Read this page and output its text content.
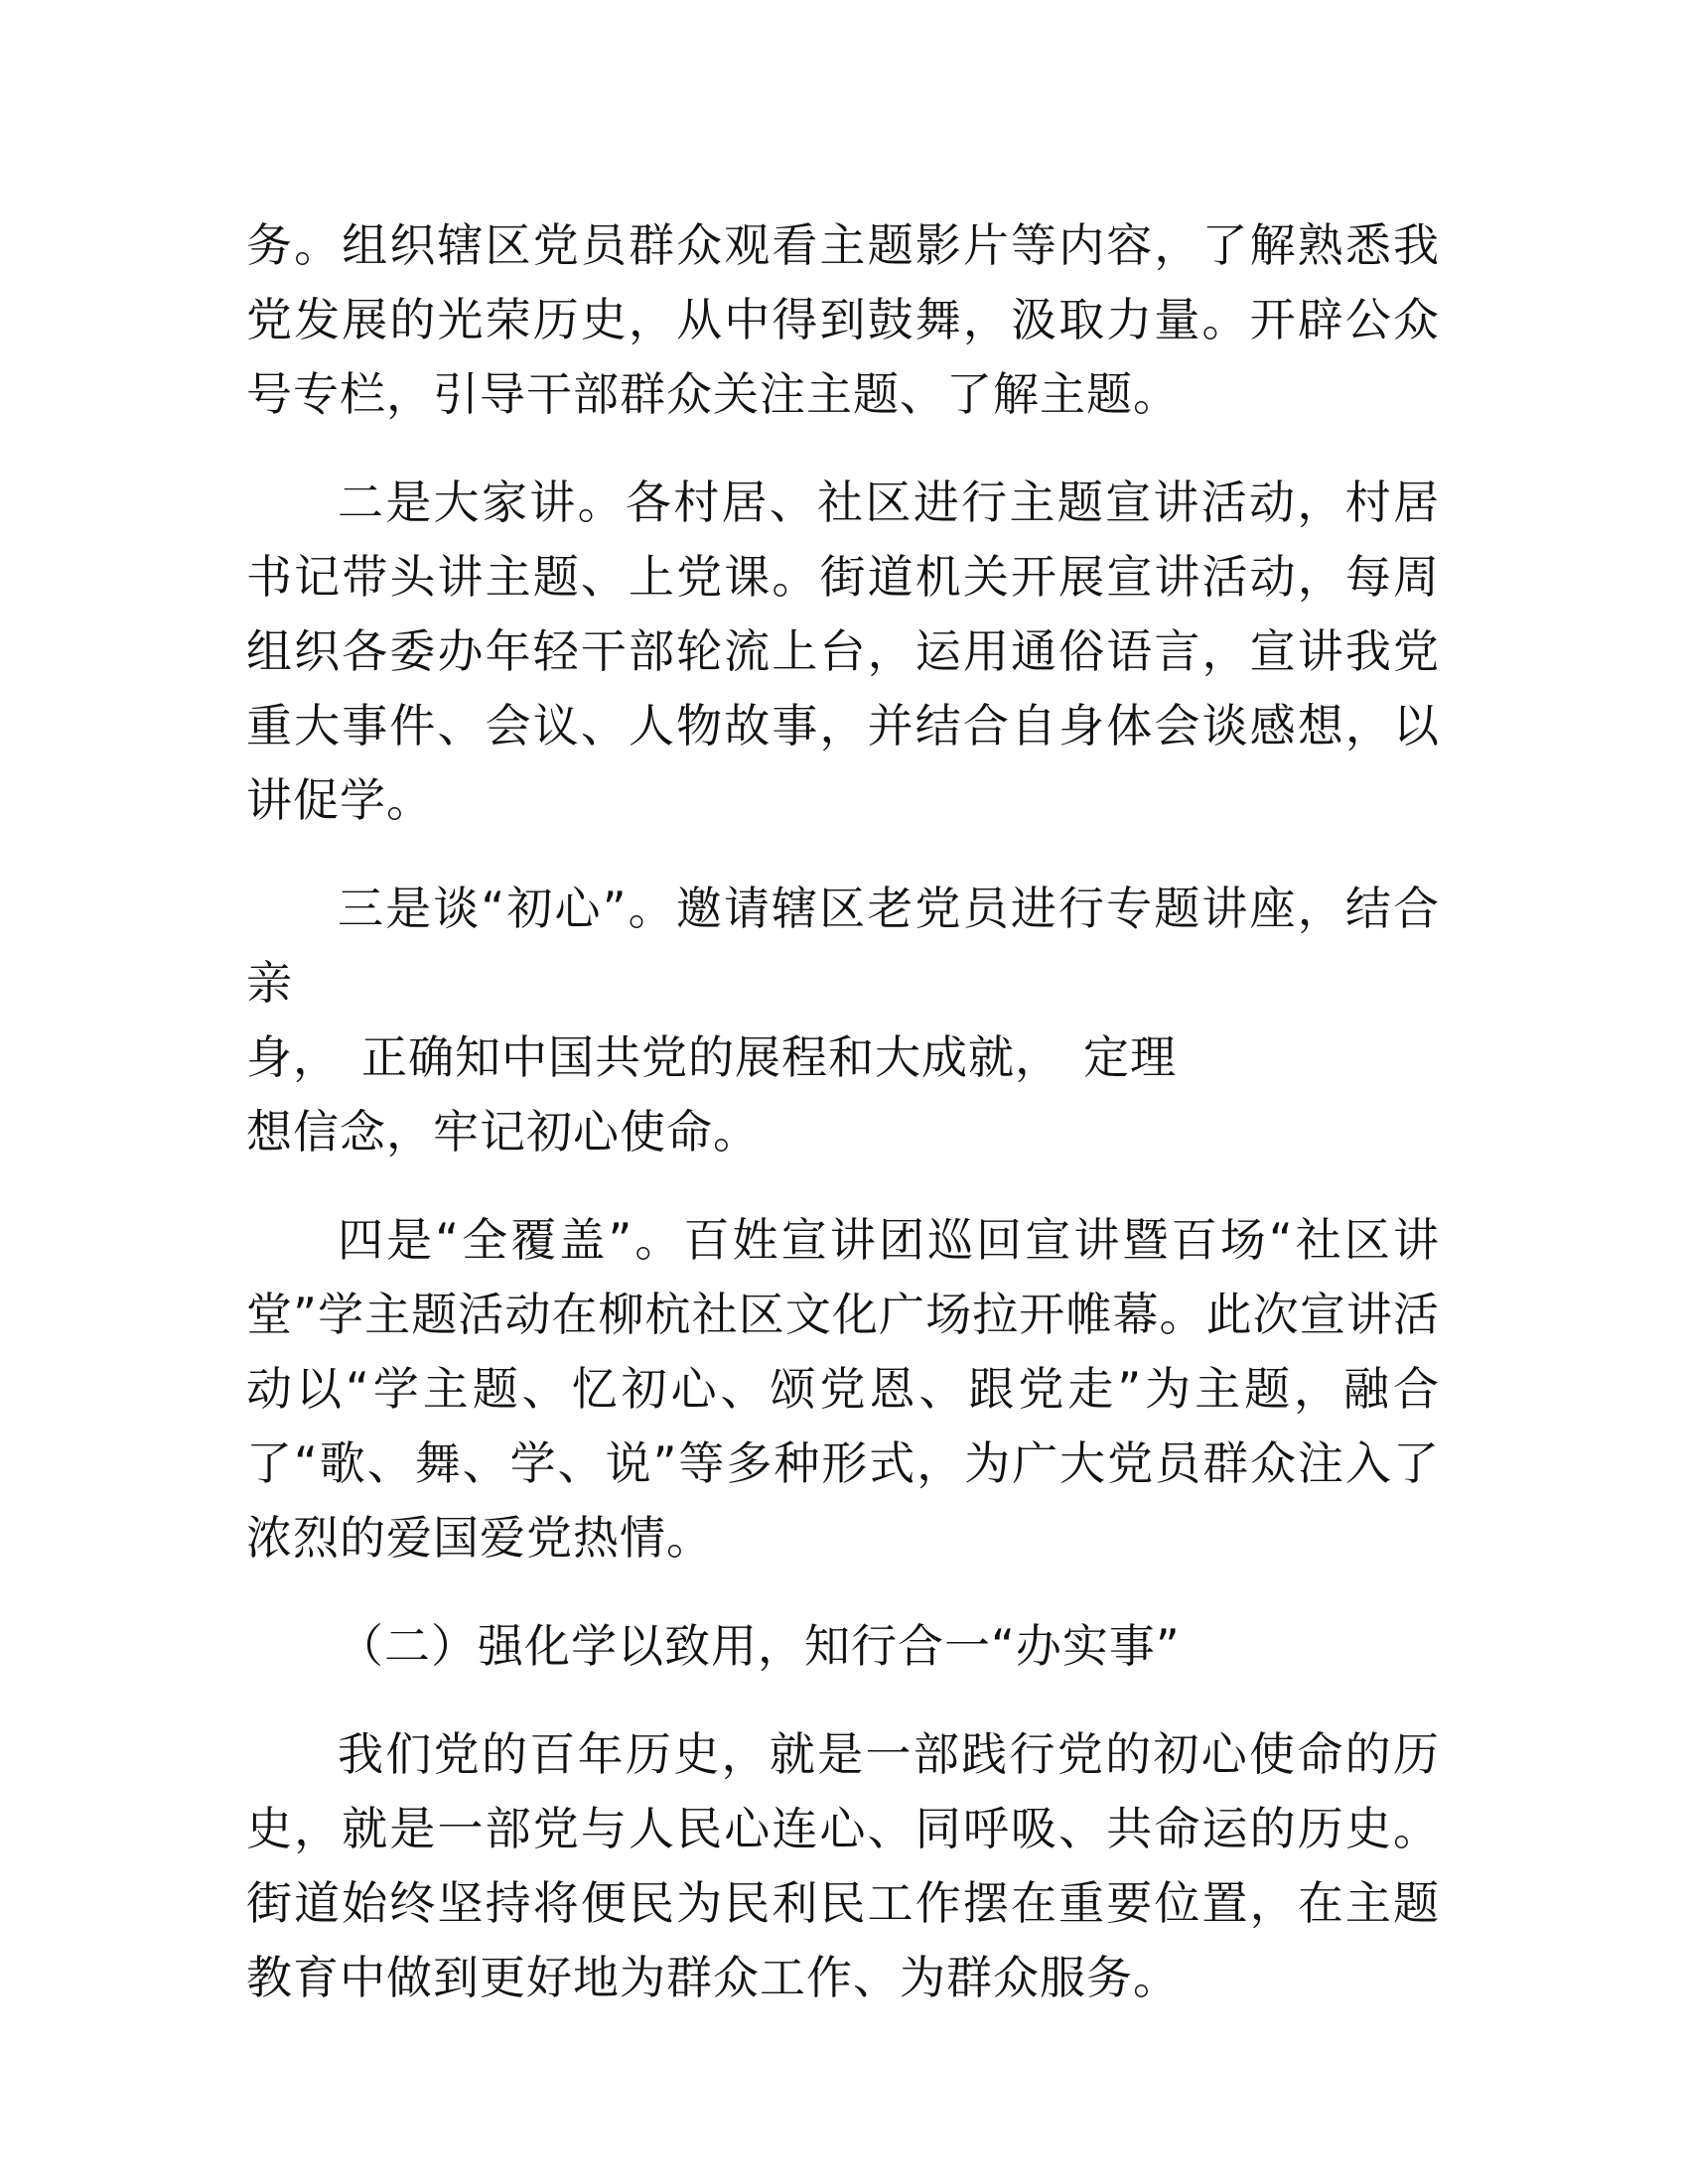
务。组织辖区党员群众观看主题影片等内容，了解熟悉我党发展的光荣历史，从中得到鼓舞，汲取力量。开辟公众号专栏，引导干部群众关注主题、了解主题。

二是大家讲。各村居、社区进行主题宣讲活动，村居书记带头讲主题、上党课。街道机关开展宣讲活动，每周组织各委办年轻干部轮流上台，运用通俗语言，宣讲我党重大事件、会议、人物故事，并结合自身体会谈感想，以讲促学。

三是谈“初心”。邀请辖区老党员进行专题讲座，结合亲
身， 正确知中国共党的展程和大成就， 定理
想信念，牢记初心使命。

四是“全覆盖”。百姓宣讲团巡回宣讲暨百场“社区讲堂”学主题活动在柳杭社区文化广场拉开帷幕。此次宣讲活动以“学主题、忆初心、颂党恩、跟党走”为主题，融合了“歌、舞、学、说”等多种形式，为广大党员群众注入了浓烈的爱国爱党热情。

（二）强化学以致用，知行合一“办实事”

我们党的百年历史，就是一部践行党的初心使命的历史，就是一部党与人民心连心、同呼吸、共命运的历史。街道始终坚持将便民为民利民工作摆在重要位置，在主题教育中做到更好地为群众工作、为群众服务。
